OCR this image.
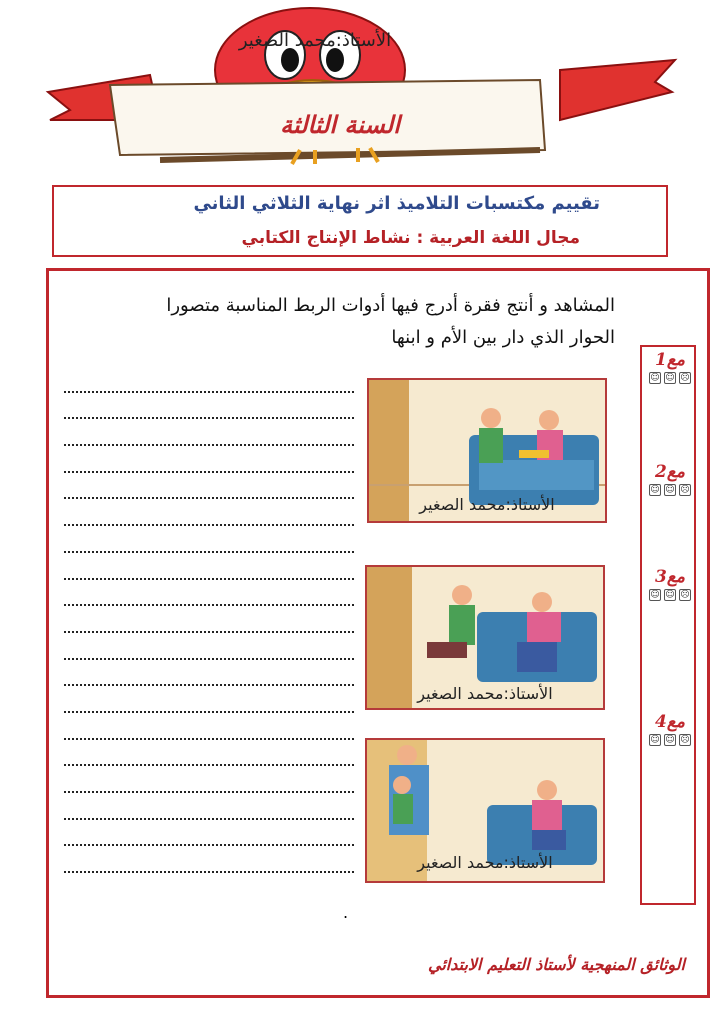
الأستاذ:محمد الصغير
السنة الثالثة
تقييم مكتسبات التلاميذ اثر نهاية الثلاثي الثاني
مجال اللغة العربية : نشاط الإنتاج الكتابي
المشاهد و أنتج فقرة أدرج فيها أدوات الربط المناسبة متصورا
الحوار الذي دار بين الأم و ابنها
.
الأستاذ:محمد الصغير
الأستاذ:محمد الصغير
الأستاذ:محمد الصغير
مع1
☺ ☺ ☹
مع2
☺ ☺ ☹
مع3
☺ ☺ ☹
مع4
☺ ☺ ☹
الوثائق المنهجية لأستاذ التعليم الابتدائي
